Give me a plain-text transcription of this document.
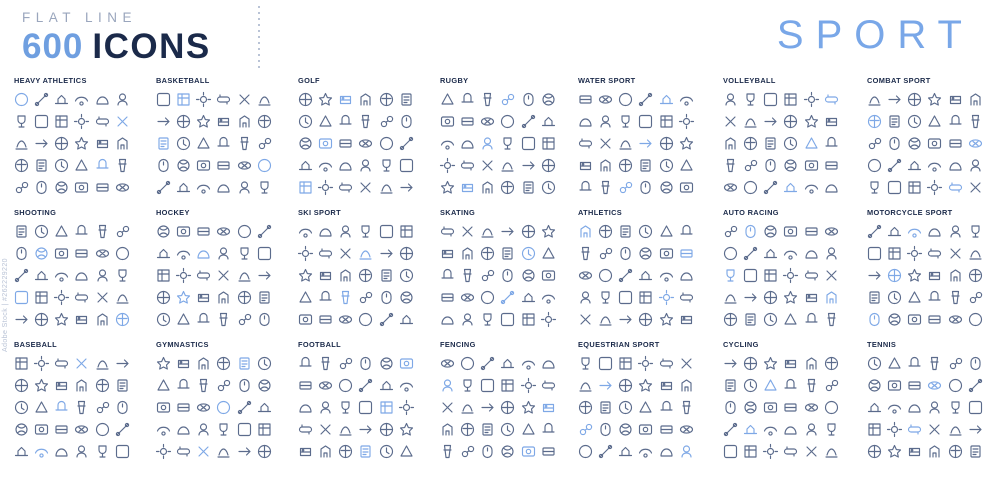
FLAT LINE
600 ICONS	SPORT
HEAVY ATHLETICS	BASKETBALL	GOLF	RUGBY	WATER SPORT	VOLLEYBALL	COMBAT SPORT
SHOOTING	HOCKEY	SKI SPORT	SKATING	ATHLETICS	AUTO RACING	MOTORCYCLE SPORT
BASEBALL	GYMNASTICS	FOOTBALL	FENCING	EQUESTRIAN SPORT	CYCLING	TENNIS
Adobe Stock | #262229220
